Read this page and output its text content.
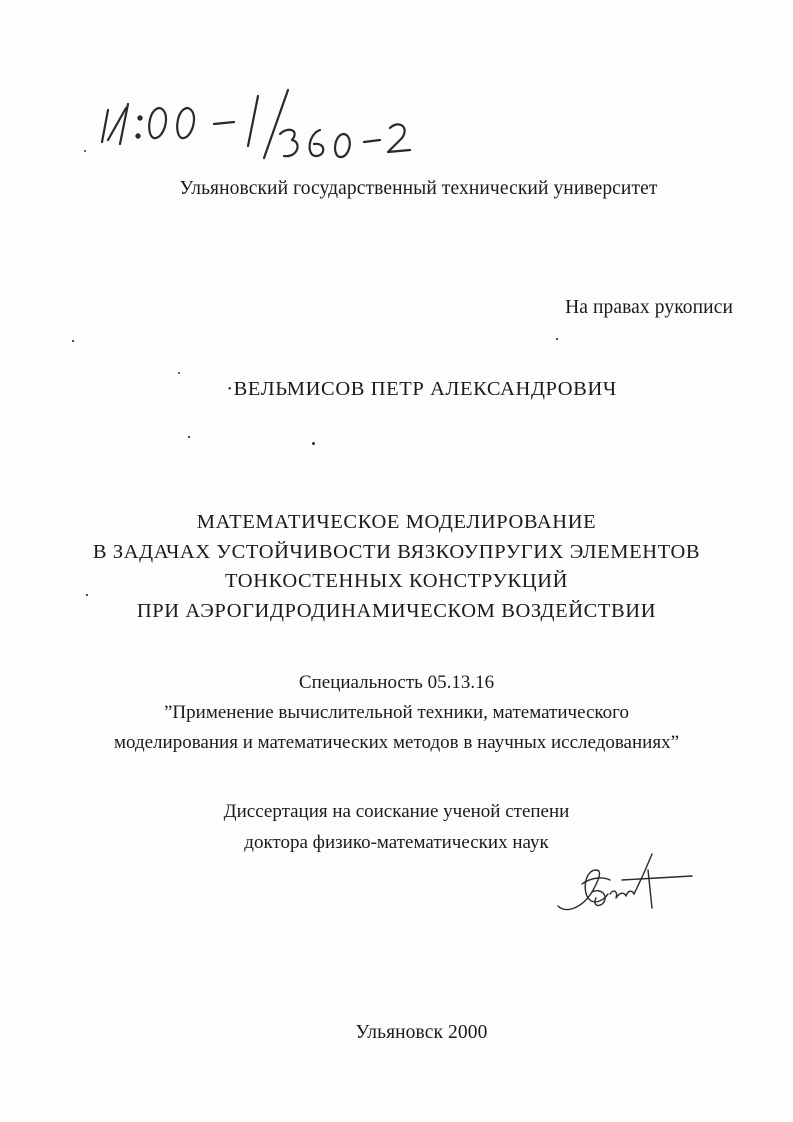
Ульяновский государственный технический университет
На правах рукописи
·ВЕЛЬМИСОВ ПЕТР АЛЕКСАНДРОВИЧ
МАТЕМАТИЧЕСКОЕ МОДЕЛИРОВАНИЕ
В ЗАДАЧАХ УСТОЙЧИВОСТИ ВЯЗКОУПРУГИХ ЭЛЕМЕНТОВ
ТОНКОСТЕННЫХ КОНСТРУКЦИЙ
ПРИ АЭРОГИДРОДИНАМИЧЕСКОМ ВОЗДЕЙСТВИИ
Специальность 05.13.16
”Применение вычислительной техники, математического
моделирования и математических методов в научных исследованиях”
Диссертация на соискание ученой степени
доктора физико-математических наук
Ульяновск 2000
